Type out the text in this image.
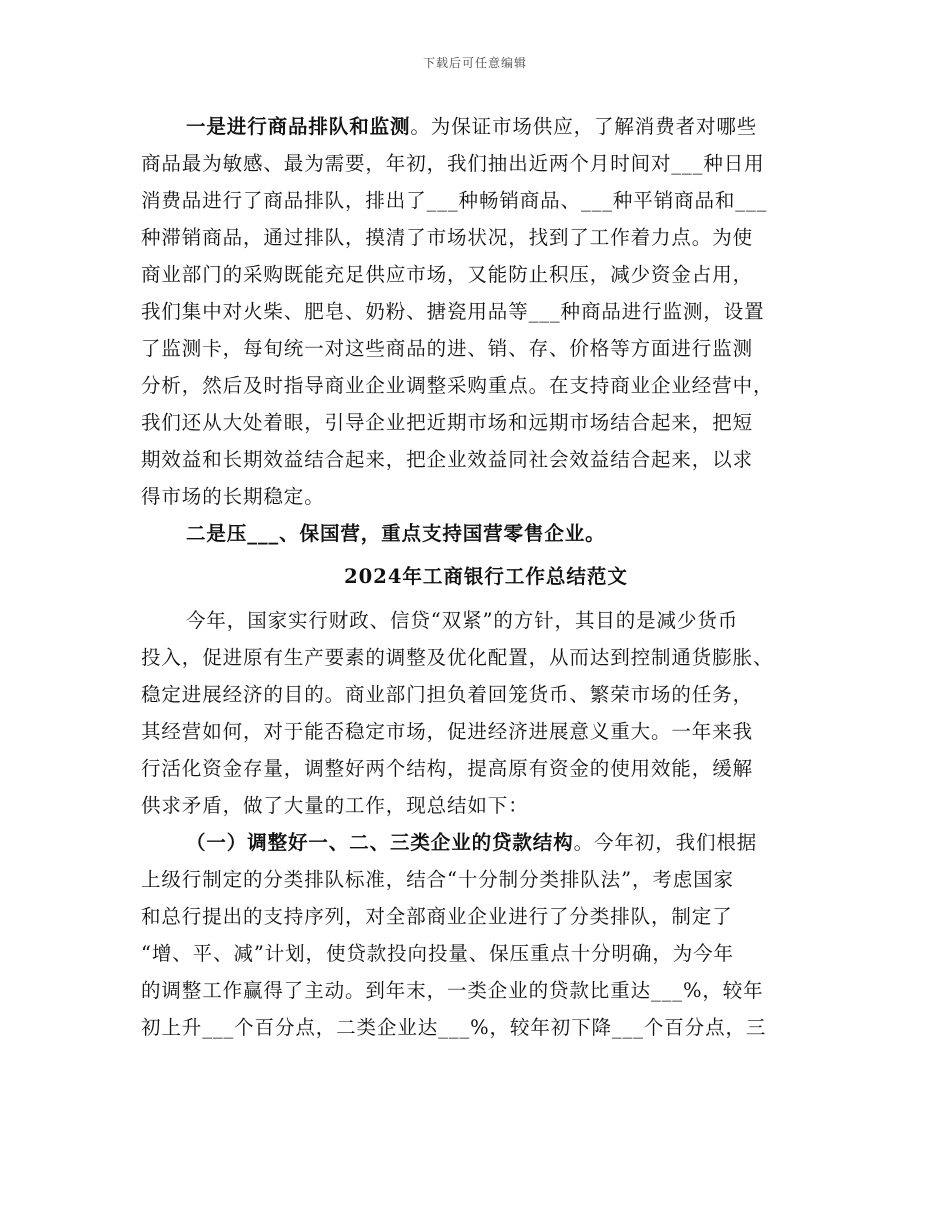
下载后可任意编辑
一是进行商品排队和监测。为保证市场供应，了解消费者对哪些
商品最为敏感、最为需要，年初，我们抽出近两个月时间对___种日用
消费品进行了商品排队，排出了___种畅销商品、___种平销商品和___
种滞销商品，通过排队，摸清了市场状况，找到了工作着力点。为使
商业部门的采购既能充足供应市场，又能防止积压，减少资金占用，
我们集中对火柴、肥皂、奶粉、搪瓷用品等___种商品进行监测，设置
了监测卡，每旬统一对这些商品的进、销、存、价格等方面进行监测
分析，然后及时指导商业企业调整采购重点。在支持商业企业经营中，
我们还从大处着眼，引导企业把近期市场和远期市场结合起来，把短
期效益和长期效益结合起来，把企业效益同社会效益结合起来，以求
得市场的长期稳定。
二是压___、保国营，重点支持国营零售企业。
2024年工商银行工作总结范文
今年，国家实行财政、信贷“双紧”的方针，其目的是减少货币
投入，促进原有生产要素的调整及优化配置，从而达到控制通货膨胀、
稳定进展经济的目的。商业部门担负着回笼货币、繁荣市场的任务，
其经营如何，对于能否稳定市场，促进经济进展意义重大。一年来我
行活化资金存量，调整好两个结构，提高原有资金的使用效能，缓解
供求矛盾，做了大量的工作，现总结如下：
（一）调整好一、二、三类企业的贷款结构。今年初，我们根据
上级行制定的分类排队标准，结合“十分制分类排队法”，考虑国家
和总行提出的支持序列，对全部商业企业进行了分类排队，制定了
“增、平、减”计划，使贷款投向投量、保压重点十分明确，为今年
的调整工作赢得了主动。到年末，一类企业的贷款比重达___%，较年
初上升___个百分点，二类企业达___%，较年初下降___个百分点，三
